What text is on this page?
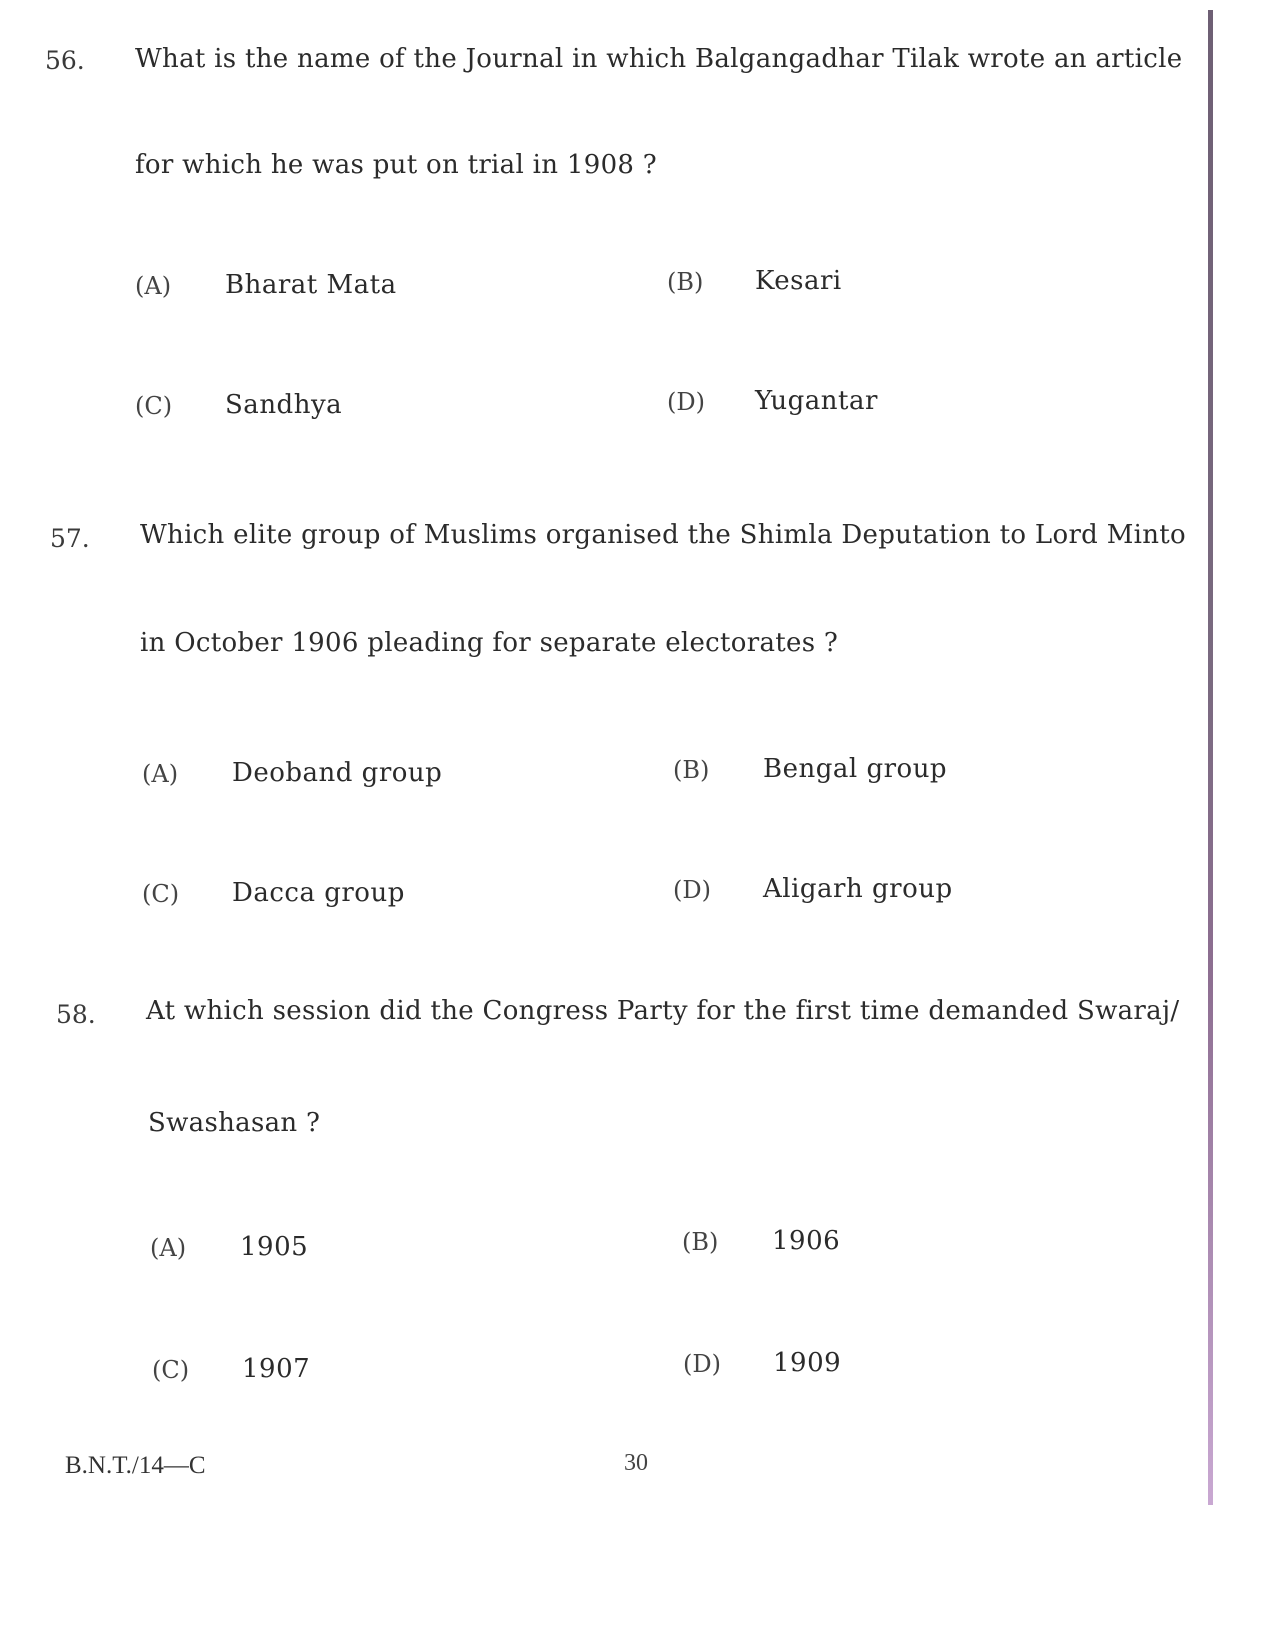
56. What is the name of the Journal in which Balgangadhar Tilak wrote an article
for which he was put on trial in 1908 ?
(A) Bharat Mata	(B) Kesari
(C) Sandhya	(D) Yugantar
57. Which elite group of Muslims organised the Shimla Deputation to Lord Minto
in October 1906 pleading for separate electorates ?
(A) Deoband group	(B) Bengal group
(C) Dacca group	(D) Aligarh group
58. At which session did the Congress Party for the first time demanded Swaraj/
Swashasan ?
(A) 1905	(B) 1906
(C) 1907	(D) 1909
B.N.T./14—C	30
